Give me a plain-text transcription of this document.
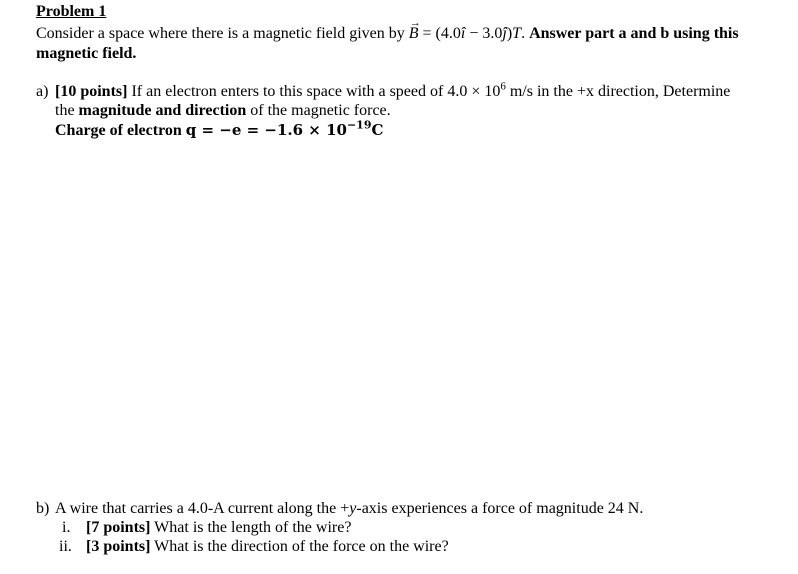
Problem 1
Consider a space where there is a magnetic field given by → B = (4.0î − 3.0ĵ)T. Answer part a and b using this
magnetic field.
a) [10 points] If an electron enters to this space with a speed of $4.0 \times 10^6$ m/s in the +x direction, Determine
the magnitude and direction of the magnetic force.
Charge of electron $q = -e = -1.6 \times 10^{-19}C$
b) A wire that carries a 4.0-A current along the +y-axis experiences a force of magnitude 24 N.
i. [7 points] What is the length of the wire?
ii. [3 points] What is the direction of the force on the wire?
